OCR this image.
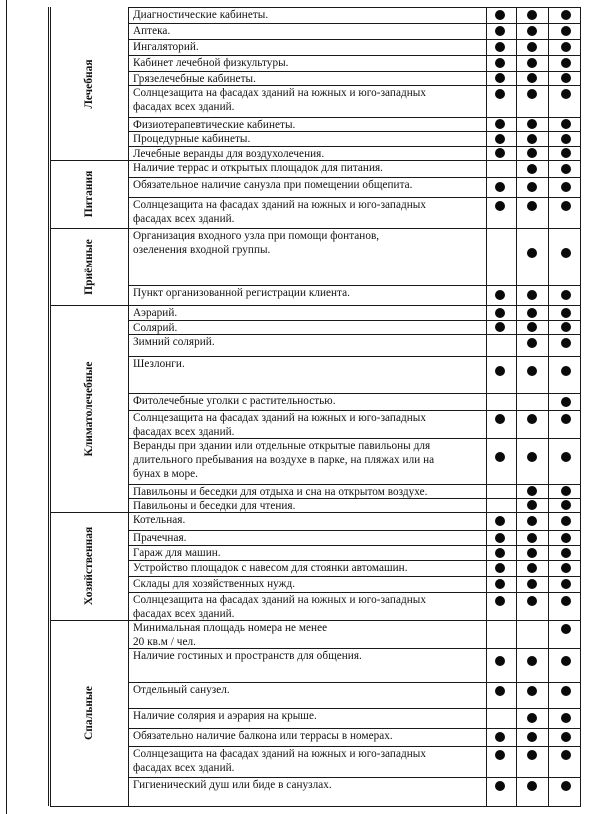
Лечебная
Диагностические кабинеты.
Аптека.
Ингаляторий.
Кабинет лечебной физкультуры.
Грязелечебные кабинеты.
Солнцезащита на фасадах зданий на южных и юго-западных
фасадах всех зданий.
Физиотерапевтические кабинеты.
Процедурные кабинеты.
Лечебные веранды для воздухолечения.
Питания
Наличие террас и открытых площадок для питания.
Обязательное наличие санузла при помещении общепита.
Солнцезащита на фасадах зданий на южных и юго-западных
фасадах всех зданий.
Приёмные
Организация входного узла при помощи фонтанов,
озеленения входной группы.
Пункт организованной регистрации клиента.
Климатолечебные
Аэрарий.
Солярий.
Зимний солярий.
Шезлонги.
Фитолечебные уголки с растительностью.
Солнцезащита на фасадах зданий на южных и юго-западных
фасадах всех зданий.
Веранды при здании или отдельные открытые павильоны для
длительного пребывания на воздухе в парке, на пляжах или на
бунах в море.
Павильоны и беседки для отдыха и сна на открытом воздухе.
Павильоны и беседки для чтения.
Хозяйственная
Котельная.
Прачечная.
Гараж для машин.
Устройство площадок с навесом для стоянки автомашин.
Склады для хозяйственных нужд.
Солнцезащита на фасадах зданий на южных и юго-западных
фасадах всех зданий.
Спальные
Минимальная площадь номера не менее
20 кв.м / чел.
Наличие гостиных и пространств для общения.
Отдельный санузел.
Наличие солярия и аэрария на крыше.
Обязательно наличие балкона или террасы в номерах.
Солнцезащита на фасадах зданий на южных и юго-западных
фасадах всех зданий.
Гигиенический душ или биде в санузлах.
